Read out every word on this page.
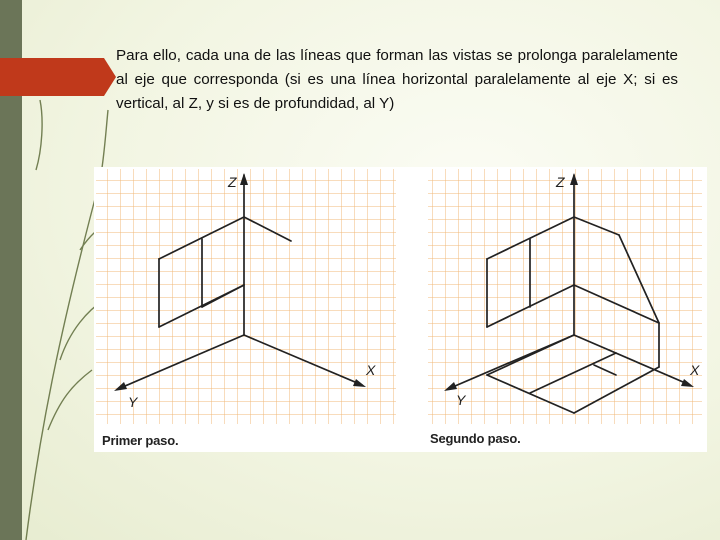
Para ello, cada una de las líneas que forman las vistas se prolonga paralelamente al eje que corresponda (si es una línea horizontal paralelamente al eje X; si es vertical, al Z, y si es de profundidad, al Y)

Z
X
Y
Z
X
Y
Primer paso.	Segundo paso.
